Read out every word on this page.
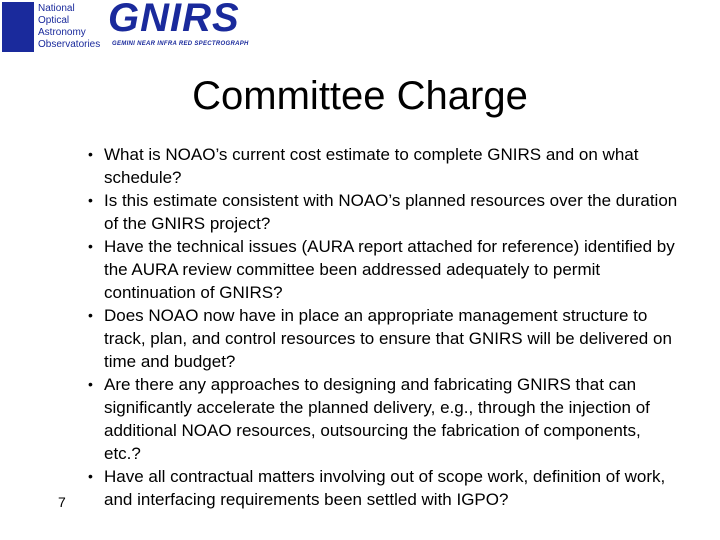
National
Optical
Astronomy
Observatories
GNIRS
GEMINI NEAR INFRA RED SPECTROGRAPH
Committee Charge
• What is NOAO’s current cost estimate to complete GNIRS and on what schedule?
• Is this estimate consistent with NOAO’s planned resources over the duration of the GNIRS project?
• Have the technical issues (AURA report attached for reference) identified by the AURA review committee been addressed adequately to permit continuation of GNIRS?
• Does NOAO now have in place an appropriate management structure to track, plan, and control resources to ensure that GNIRS will be delivered on time and budget?
• Are there any approaches to designing and fabricating GNIRS that can significantly accelerate the planned delivery, e.g., through the injection of additional NOAO resources, outsourcing the fabrication of components, etc.?
• Have all contractual matters involving out of scope work, definition of work, and interfacing requirements been settled with IGPO?
7
